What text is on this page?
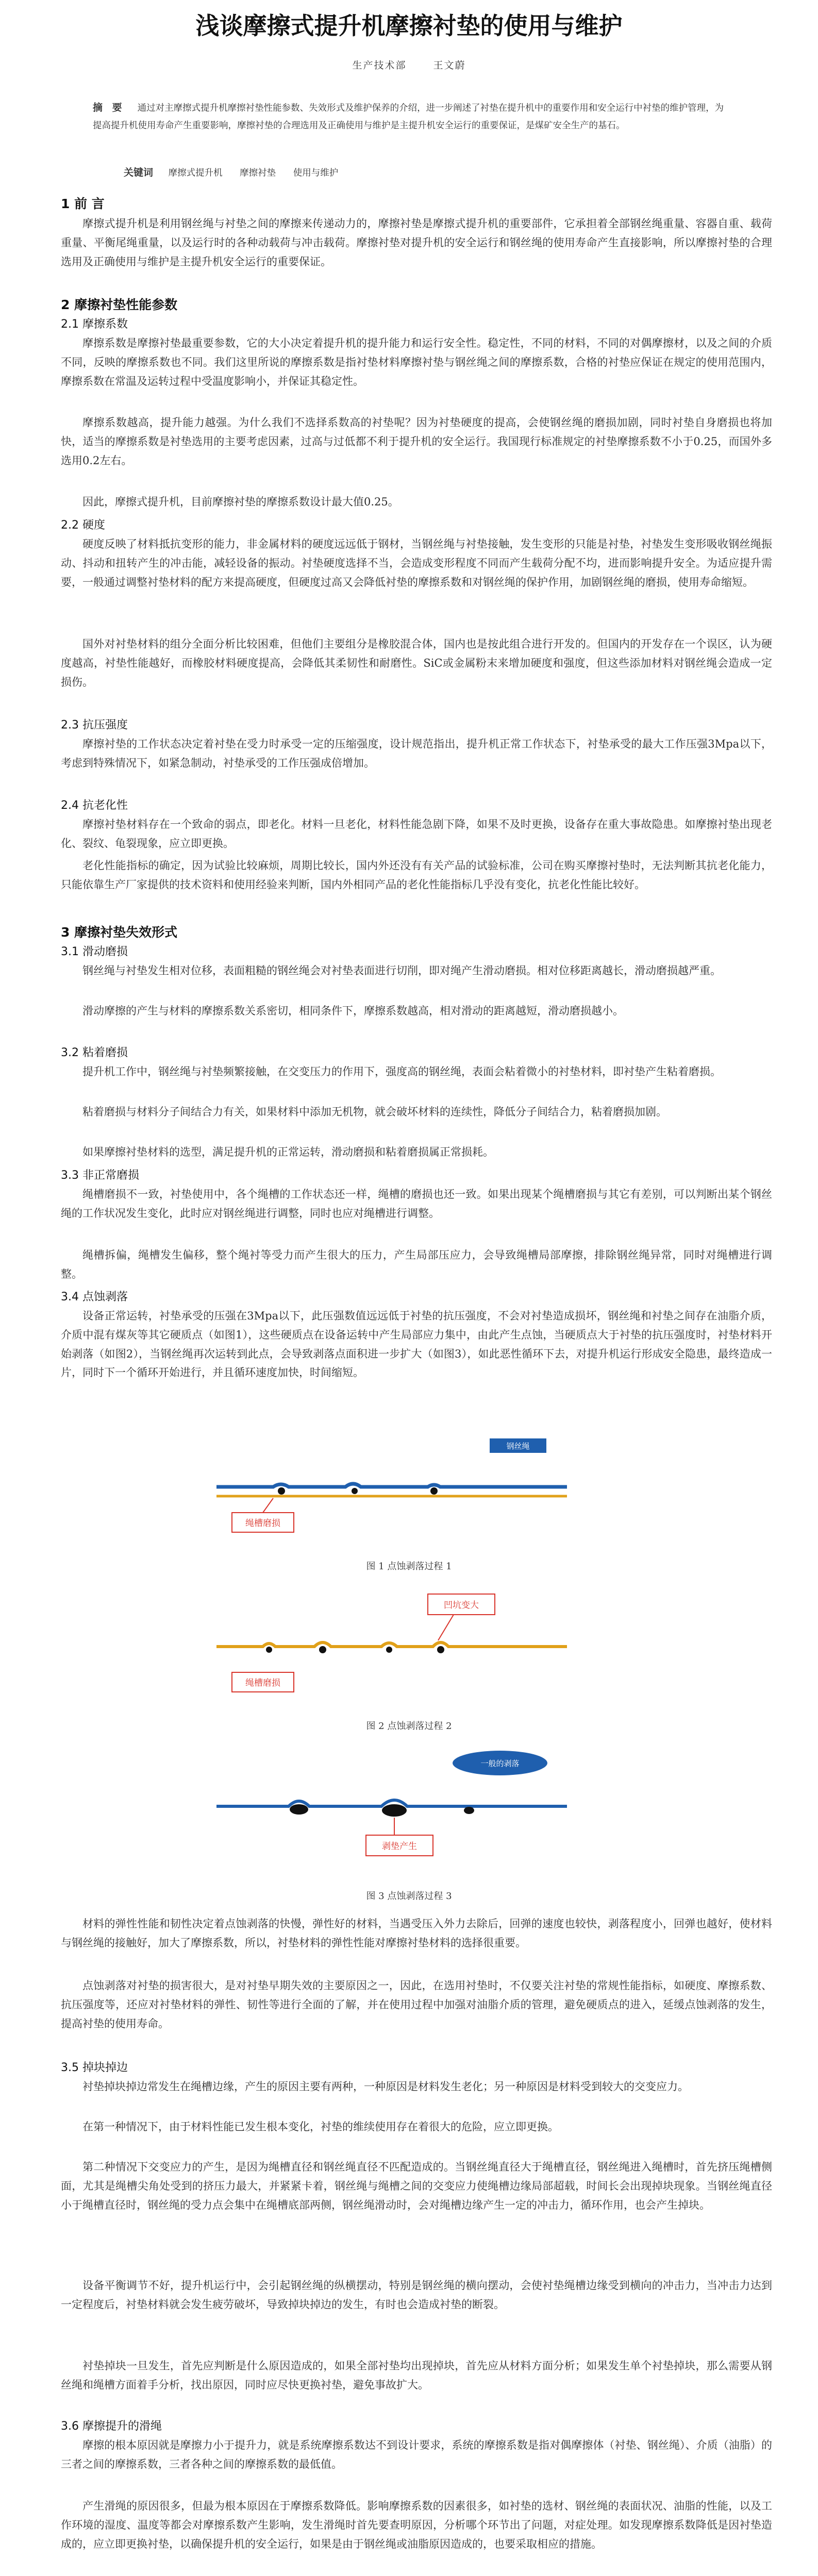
浅谈摩擦式提升机摩擦衬垫的使用与维护
生产技术部	王文蔚
摘 要 通过对主摩擦式提升机摩擦衬垫性能参数、失效形式及维护保养的介绍，进一步阐述了衬垫在提升机中的重要作用和安全运行中衬垫的维护管理，为提高提升机使用寿命产生重要影响，摩擦衬垫的合理选用及正确使用与维护是主提升机安全运行的重要保证，是煤矿安全生产的基石。
关键词 摩擦式提升机 摩擦衬垫 使用与维护
1 前 言
摩擦式提升机是利用钢丝绳与衬垫之间的摩擦来传递动力的，摩擦衬垫是摩擦式提升机的重要部件，它承担着全部钢丝绳重量、容器自重、载荷重量、平衡尾绳重量，以及运行时的各种动载荷与冲击载荷。摩擦衬垫对提升机的安全运行和钢丝绳的使用寿命产生直接影响，所以摩擦衬垫的合理选用及正确使用与维护是主提升机安全运行的重要保证。
2 摩擦衬垫性能参数
2.1 摩擦系数
摩擦系数是摩擦衬垫最重要参数，它的大小决定着提升机的提升能力和运行安全性。稳定性，不同的材料，不同的对偶摩擦材，以及之间的介质不同，反映的摩擦系数也不同。我们这里所说的摩擦系数是指衬垫材料摩擦衬垫与钢丝绳之间的摩擦系数，合格的衬垫应保证在规定的使用范围内，摩擦系数在常温及运转过程中受温度影响小，并保证其稳定性。
摩擦系数越高，提升能力越强。为什么我们不选择系数高的衬垫呢？因为衬垫硬度的提高，会使钢丝绳的磨损加剧，同时衬垫自身磨损也将加快，适当的摩擦系数是衬垫选用的主要考虑因素，过高与过低都不利于提升机的安全运行。我国现行标准规定的衬垫摩擦系数不小于0.25，而国外多选用0.2左右。
因此，摩擦式提升机，目前摩擦衬垫的摩擦系数设计最大值0.25。
2.2 硬度
硬度反映了材料抵抗变形的能力，非金属材料的硬度远远低于钢材，当钢丝绳与衬垫接触，发生变形的只能是衬垫，衬垫发生变形吸收钢丝绳振动、抖动和扭转产生的冲击能，减轻设备的振动。衬垫硬度选择不当，会造成变形程度不同而产生载荷分配不均，进而影响提升安全。为适应提升需要，一般通过调整衬垫材料的配方来提高硬度，但硬度过高又会降低衬垫的摩擦系数和对钢丝绳的保护作用，加剧钢丝绳的磨损，使用寿命缩短。
国外对衬垫材料的组分全面分析比较困难，但他们主要组分是橡胶混合体，国内也是按此组合进行开发的。但国内的开发存在一个误区，认为硬度越高，衬垫性能越好，而橡胶材料硬度提高，会降低其柔韧性和耐磨性。SiC或金属粉末来增加硬度和强度，但这些添加材料对钢丝绳会造成一定损伤。
2.3 抗压强度
摩擦衬垫的工作状态决定着衬垫在受力时承受一定的压缩强度，设计规范指出，提升机正常工作状态下，衬垫承受的最大工作压强3Mpa以下，考虑到特殊情况下，如紧急制动，衬垫承受的工作压强成倍增加。
2.4 抗老化性
摩擦衬垫材料存在一个致命的弱点，即老化。材料一旦老化，材料性能急剧下降，如果不及时更换，设备存在重大事故隐患。如摩擦衬垫出现老化、裂纹、龟裂现象，应立即更换。
老化性能指标的确定，因为试验比较麻烦，周期比较长，国内外还没有有关产品的试验标准，公司在购买摩擦衬垫时，无法判断其抗老化能力，只能依靠生产厂家提供的技术资料和使用经验来判断，国内外相同产品的老化性能指标几乎没有变化，抗老化性能比较好。
3 摩擦衬垫失效形式
3.1 滑动磨损
钢丝绳与衬垫发生相对位移，表面粗糙的钢丝绳会对衬垫表面进行切削，即对绳产生滑动磨损。相对位移距离越长，滑动磨损越严重。
滑动摩擦的产生与材料的摩擦系数关系密切，相同条件下，摩擦系数越高，相对滑动的距离越短，滑动磨损越小。
3.2 粘着磨损
提升机工作中，钢丝绳与衬垫频繁接触，在交变压力的作用下，强度高的钢丝绳，表面会粘着微小的衬垫材料，即衬垫产生粘着磨损。
粘着磨损与材料分子间结合力有关，如果材料中添加无机物，就会破坏材料的连续性，降低分子间结合力，粘着磨损加剧。
如果摩擦衬垫材料的选型，满足提升机的正常运转，滑动磨损和粘着磨损属正常损耗。
3.3 非正常磨损
绳槽磨损不一致，衬垫使用中，各个绳槽的工作状态还一样，绳槽的磨损也还一致。如果出现某个绳槽磨损与其它有差别，可以判断出某个钢丝绳的工作状况发生变化，此时应对钢丝绳进行调整，同时也应对绳槽进行调整。
绳槽拆偏，绳槽发生偏移，整个绳衬等受力而产生很大的压力，产生局部压应力，会导致绳槽局部摩擦，排除钢丝绳异常，同时对绳槽进行调整。
3.4 点蚀剥落
设备正常运转，衬垫承受的压强在3Mpa以下，此压强数值远远低于衬垫的抗压强度，不会对衬垫造成损坏，钢丝绳和衬垫之间存在油脂介质，介质中混有煤灰等其它硬质点（如图1），这些硬质点在设备运转中产生局部应力集中，由此产生点蚀，当硬质点大于衬垫的抗压强度时，衬垫材料开始剥落（如图2），当钢丝绳再次运转到此点，会导致剥落点面积进一步扩大（如图3），如此恶性循环下去，对提升机运行形成安全隐患，最终造成一片，同时下一个循环开始进行，并且循环速度加快，时间缩短。
钢丝绳
绳槽磨损
图 1 点蚀剥落过程 1
凹坑变大
绳槽磨损
图 2 点蚀剥落过程 2
一般的剥落
剥垫产生
图 3 点蚀剥落过程 3
材料的弹性性能和韧性决定着点蚀剥落的快慢，弹性好的材料，当遇受压入外力去除后，回弹的速度也较快，剥落程度小，回弹也越好，使材料与钢丝绳的接触好，加大了摩擦系数，所以，衬垫材料的弹性性能对摩擦衬垫材料的选择很重要。
点蚀剥落对衬垫的损害很大，是对衬垫早期失效的主要原因之一，因此，在选用衬垫时，不仅要关注衬垫的常规性能指标，如硬度、摩擦系数、抗压强度等，还应对衬垫材料的弹性、韧性等进行全面的了解，并在使用过程中加强对油脂介质的管理，避免硬质点的进入，延缓点蚀剥落的发生，提高衬垫的使用寿命。
3.5 掉块掉边
衬垫掉块掉边常发生在绳槽边缘，产生的原因主要有两种，一种原因是材料发生老化；另一种原因是材料受到较大的交变应力。
在第一种情况下，由于材料性能已发生根本变化，衬垫的维续使用存在着很大的危险，应立即更换。
第二种情况下交变应力的产生，是因为绳槽直径和钢丝绳直径不匹配造成的。当钢丝绳直径大于绳槽直径，钢丝绳进入绳槽时，首先挤压绳槽侧面，尤其是绳槽尖角处受到的挤压力最大，并紧紧卡着，钢丝绳与绳槽之间的交变应力使绳槽边缘局部超载，时间长会出现掉块现象。当钢丝绳直径小于绳槽直径时，钢丝绳的受力点会集中在绳槽底部两侧，钢丝绳滑动时，会对绳槽边缘产生一定的冲击力，循环作用，也会产生掉块。
设备平衡调节不好，提升机运行中，会引起钢丝绳的纵横摆动，特别是钢丝绳的横向摆动，会使衬垫绳槽边缘受到横向的冲击力，当冲击力达到一定程度后，衬垫材料就会发生疲劳破坏，导致掉块掉边的发生，有时也会造成衬垫的断裂。
衬垫掉块一旦发生，首先应判断是什么原因造成的，如果全部衬垫均出现掉块，首先应从材料方面分析；如果发生单个衬垫掉块，那么需要从钢丝绳和绳槽方面着手分析，找出原因，同时应尽快更换衬垫，避免事故扩大。
3.6 摩擦提升的滑绳
摩擦的根本原因就是摩擦力小于提升力，就是系统摩擦系数达不到设计要求，系统的摩擦系数是指对偶摩擦体（衬垫、钢丝绳）、介质（油脂）的三者之间的摩擦系数，三者各种之间的摩擦系数的最低值。
产生滑绳的原因很多，但最为根本原因在于摩擦系数降低。影响摩擦系数的因素很多，如衬垫的选材、钢丝绳的表面状况、油脂的性能，以及工作环境的湿度、温度等都会对摩擦系数产生影响，发生滑绳时首先要查明原因，分析哪个环节出了问题，对症处理。如发现摩擦系数降低是因衬垫造成的，应立即更换衬垫，以确保提升机的安全运行，如果是由于钢丝绳或油脂原因造成的，也要采取相应的措施。
